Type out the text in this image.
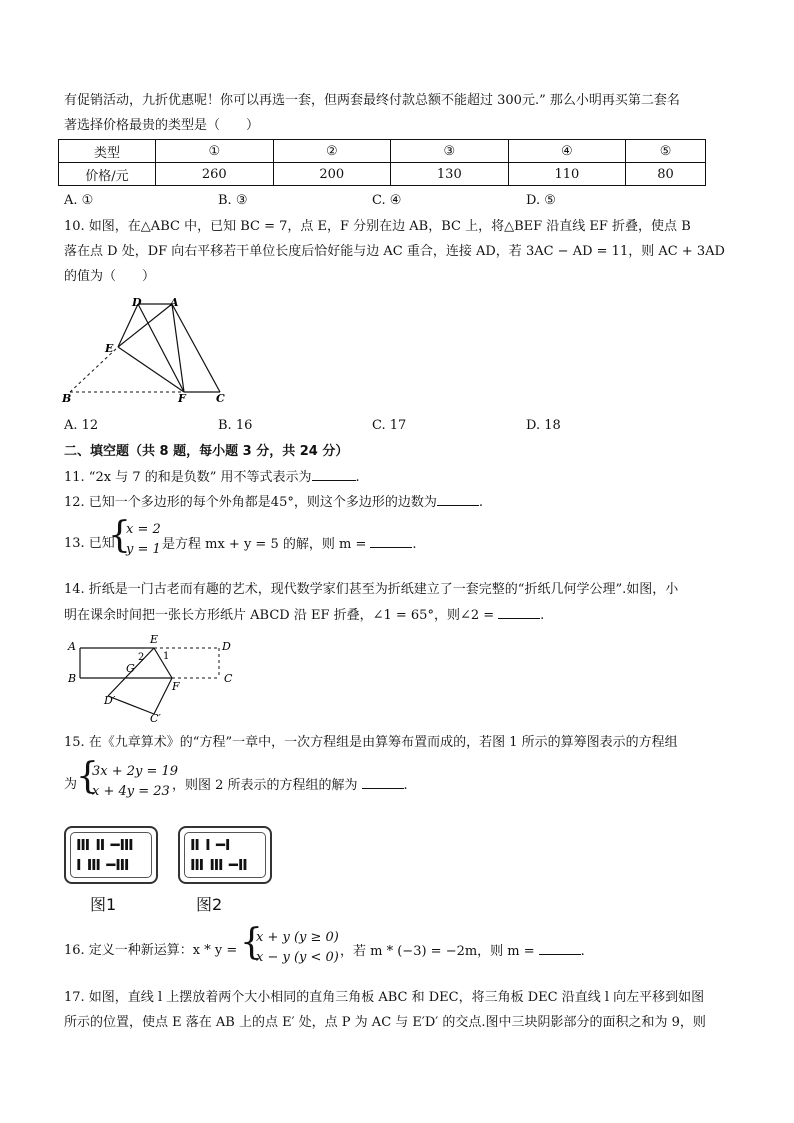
有促销活动，九折优惠呢！你可以再选一套，但两套最终付款总额不能超过 300元.” 那么小明再买第二套名
著选择价格最贵的类型是（　　）
类型	①	②	③	④	⑤
价格/元	260	200	130	110	80
A. ①	B. ③	C. ④	D. ⑤
10. 如图，在△ABC 中，已知 BC = 7，点 E，F 分别在边 AB，BC 上，将△BEF 沿直线 EF 折叠，使点 B
落在点 D 处，DF 向右平移若干单位长度后恰好能与边 AC 重合，连接 AD，若 3AC − AD = 11，则 AC + 3AD
的值为（　　）
D	A
E
B	F	C
A. 12	B. 16	C. 17	D. 18
二、填空题（共 8 题，每小题 3 分，共 24 分）
11. “2x 与 7 的和是负数” 用不等式表示为	.
12. 已知一个多边形的每个外角都是45°，则这个多边形的边数为	.
13. 已知
{
x = 2
y = 1 是方程 mx + y = 5 的解，则 m =	.
14. 折纸是一门古老而有趣的艺术，现代数学家们甚至为折纸建立了一套完整的“折纸几何学公理”.如图，小
明在课余时间把一张长方形纸片 ABCD 沿 EF 折叠，∠1 = 65°，则∠2 =	.
A
B	C
D
E
F
G
1
2
D′
C′
15. 在《九章算术》的“方程”一章中，一次方程组是由算筹布置而成的，若图 1 所示的算筹图表示的方程组
为
{
3x + 2y = 19
x + 4y = 23 ，则图 2 所表示的方程组的解为	.
Ⅲ Ⅱ ━Ⅲ
Ⅰ Ⅲ ━Ⅲ
Ⅱ Ⅰ ━Ⅰ
Ⅲ Ⅲ ━Ⅱ
图1	图2
16. 定义一种新运算：x * y = {
x + y (y ≥ 0)
x − y (y < 0) ，若 m * (−3) = −2m，则 m =	.
17. 如图，直线 l 上摆放着两个大小相同的直角三角板 ABC 和 DEC，将三角板 DEC 沿直线 l 向左平移到如图
所示的位置，使点 E 落在 AB 上的点 E′ 处，点 P 为 AC 与 E′D′ 的交点.图中三块阴影部分的面积之和为 9，则
